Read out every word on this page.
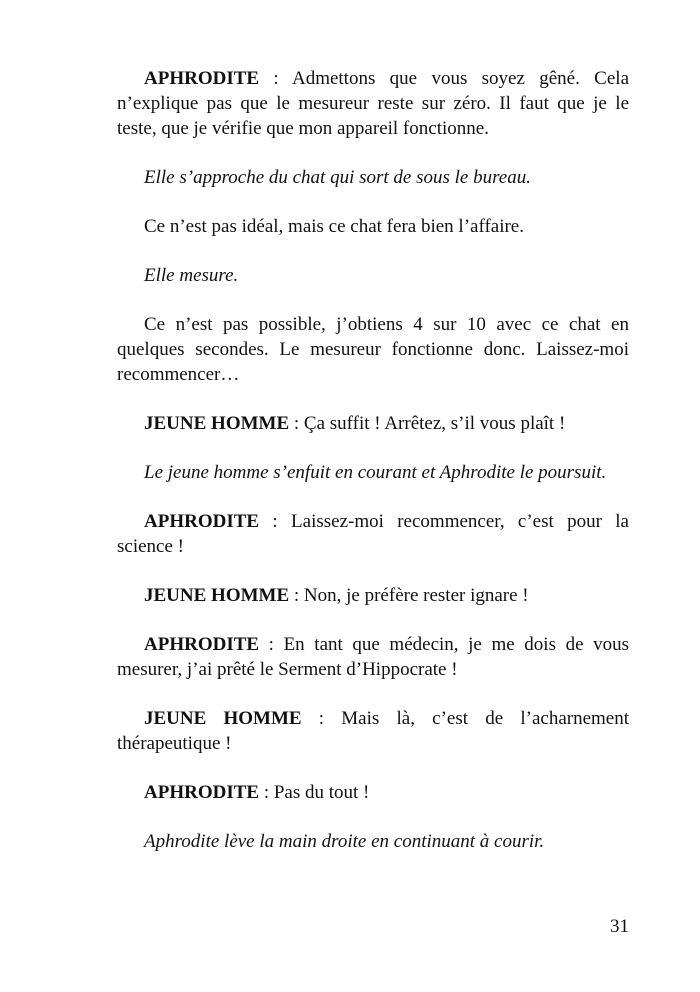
APHRODITE : Admettons que vous soyez gêné. Cela n’explique pas que le mesureur reste sur zéro. Il faut que je le teste, que je vérifie que mon appareil fonctionne.

Elle s’approche du chat qui sort de sous le bureau.

Ce n’est pas idéal, mais ce chat fera bien l’affaire.

Elle mesure.

Ce n’est pas possible, j’obtiens 4 sur 10 avec ce chat en quelques secondes. Le mesureur fonctionne donc. Laissez-moi recommencer…

JEUNE HOMME : Ça suffit ! Arrêtez, s’il vous plaît !

Le jeune homme s’enfuit en courant et Aphrodite le poursuit.

APHRODITE : Laissez-moi recommencer, c’est pour la science !

JEUNE HOMME : Non, je préfère rester ignare !

APHRODITE : En tant que médecin, je me dois de vous mesurer, j’ai prêté le Serment d’Hippocrate !

JEUNE HOMME : Mais là, c’est de l’acharnement thérapeutique !

APHRODITE : Pas du tout !

Aphrodite lève la main droite en continuant à courir.

31
